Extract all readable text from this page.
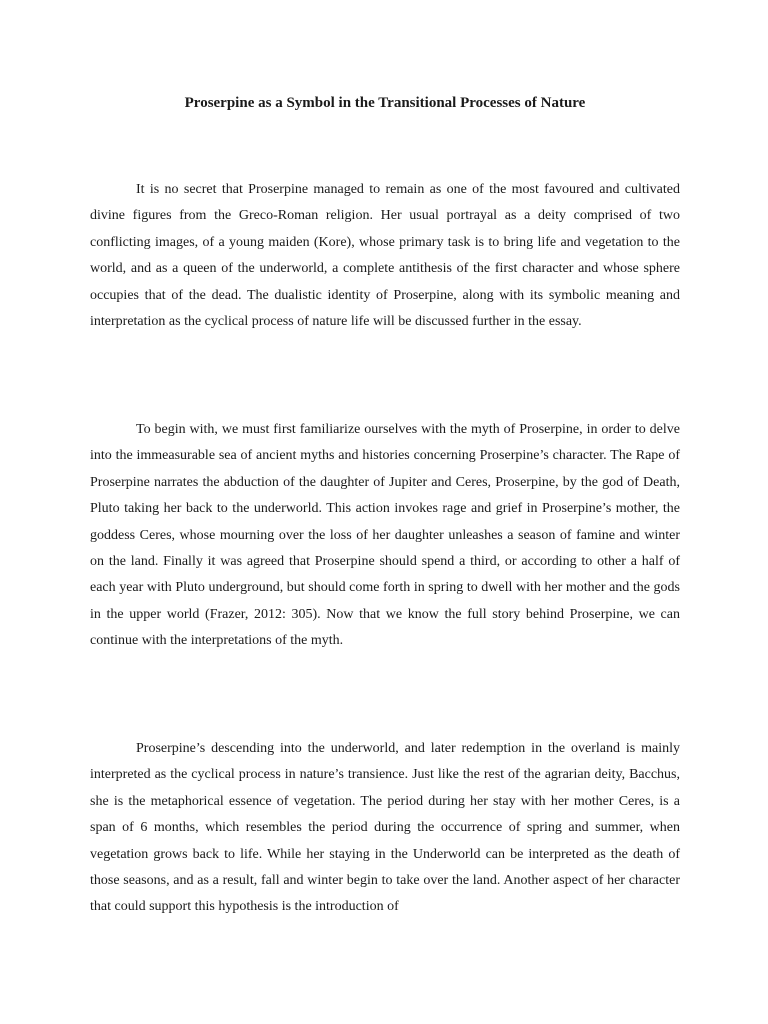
Proserpine as a Symbol in the Transitional Processes of Nature

It is no secret that Proserpine managed to remain as one of the most favoured and cultivated divine figures from the Greco-Roman religion. Her usual portrayal as a deity comprised of two conflicting images, of a young maiden (Kore), whose primary task is to bring life and vegetation to the world, and as a queen of the underworld, a complete antithesis of the first character and whose sphere occupies that of the dead. The dualistic identity of Proserpine, along with its symbolic meaning and interpretation as the cyclical process of nature life will be discussed further in the essay.

To begin with, we must first familiarize ourselves with the myth of Proserpine, in order to delve into the immeasurable sea of ancient myths and histories concerning Proserpine’s character. The Rape of Proserpine narrates the abduction of the daughter of Jupiter and Ceres, Proserpine, by the god of Death, Pluto taking her back to the underworld. This action invokes rage and grief in Proserpine’s mother, the goddess Ceres, whose mourning over the loss of her daughter unleashes a season of famine and winter on the land. Finally it was agreed that Proserpine should spend a third, or according to other a half of each year with Pluto underground, but should come forth in spring to dwell with her mother and the gods in the upper world (Frazer, 2012: 305). Now that we know the full story behind Proserpine, we can continue with the interpretations of the myth.

Proserpine’s descending into the underworld, and later redemption in the overland is mainly interpreted as the cyclical process in nature’s transience. Just like the rest of the agrarian deity, Bacchus, she is the metaphorical essence of vegetation. The period during her stay with her mother Ceres, is a span of 6 months, which resembles the period during the occurrence of spring and summer, when vegetation grows back to life. While her staying in the Underworld can be interpreted as the death of those seasons, and as a result, fall and winter begin to take over the land. Another aspect of her character that could support this hypothesis is the introduction of
